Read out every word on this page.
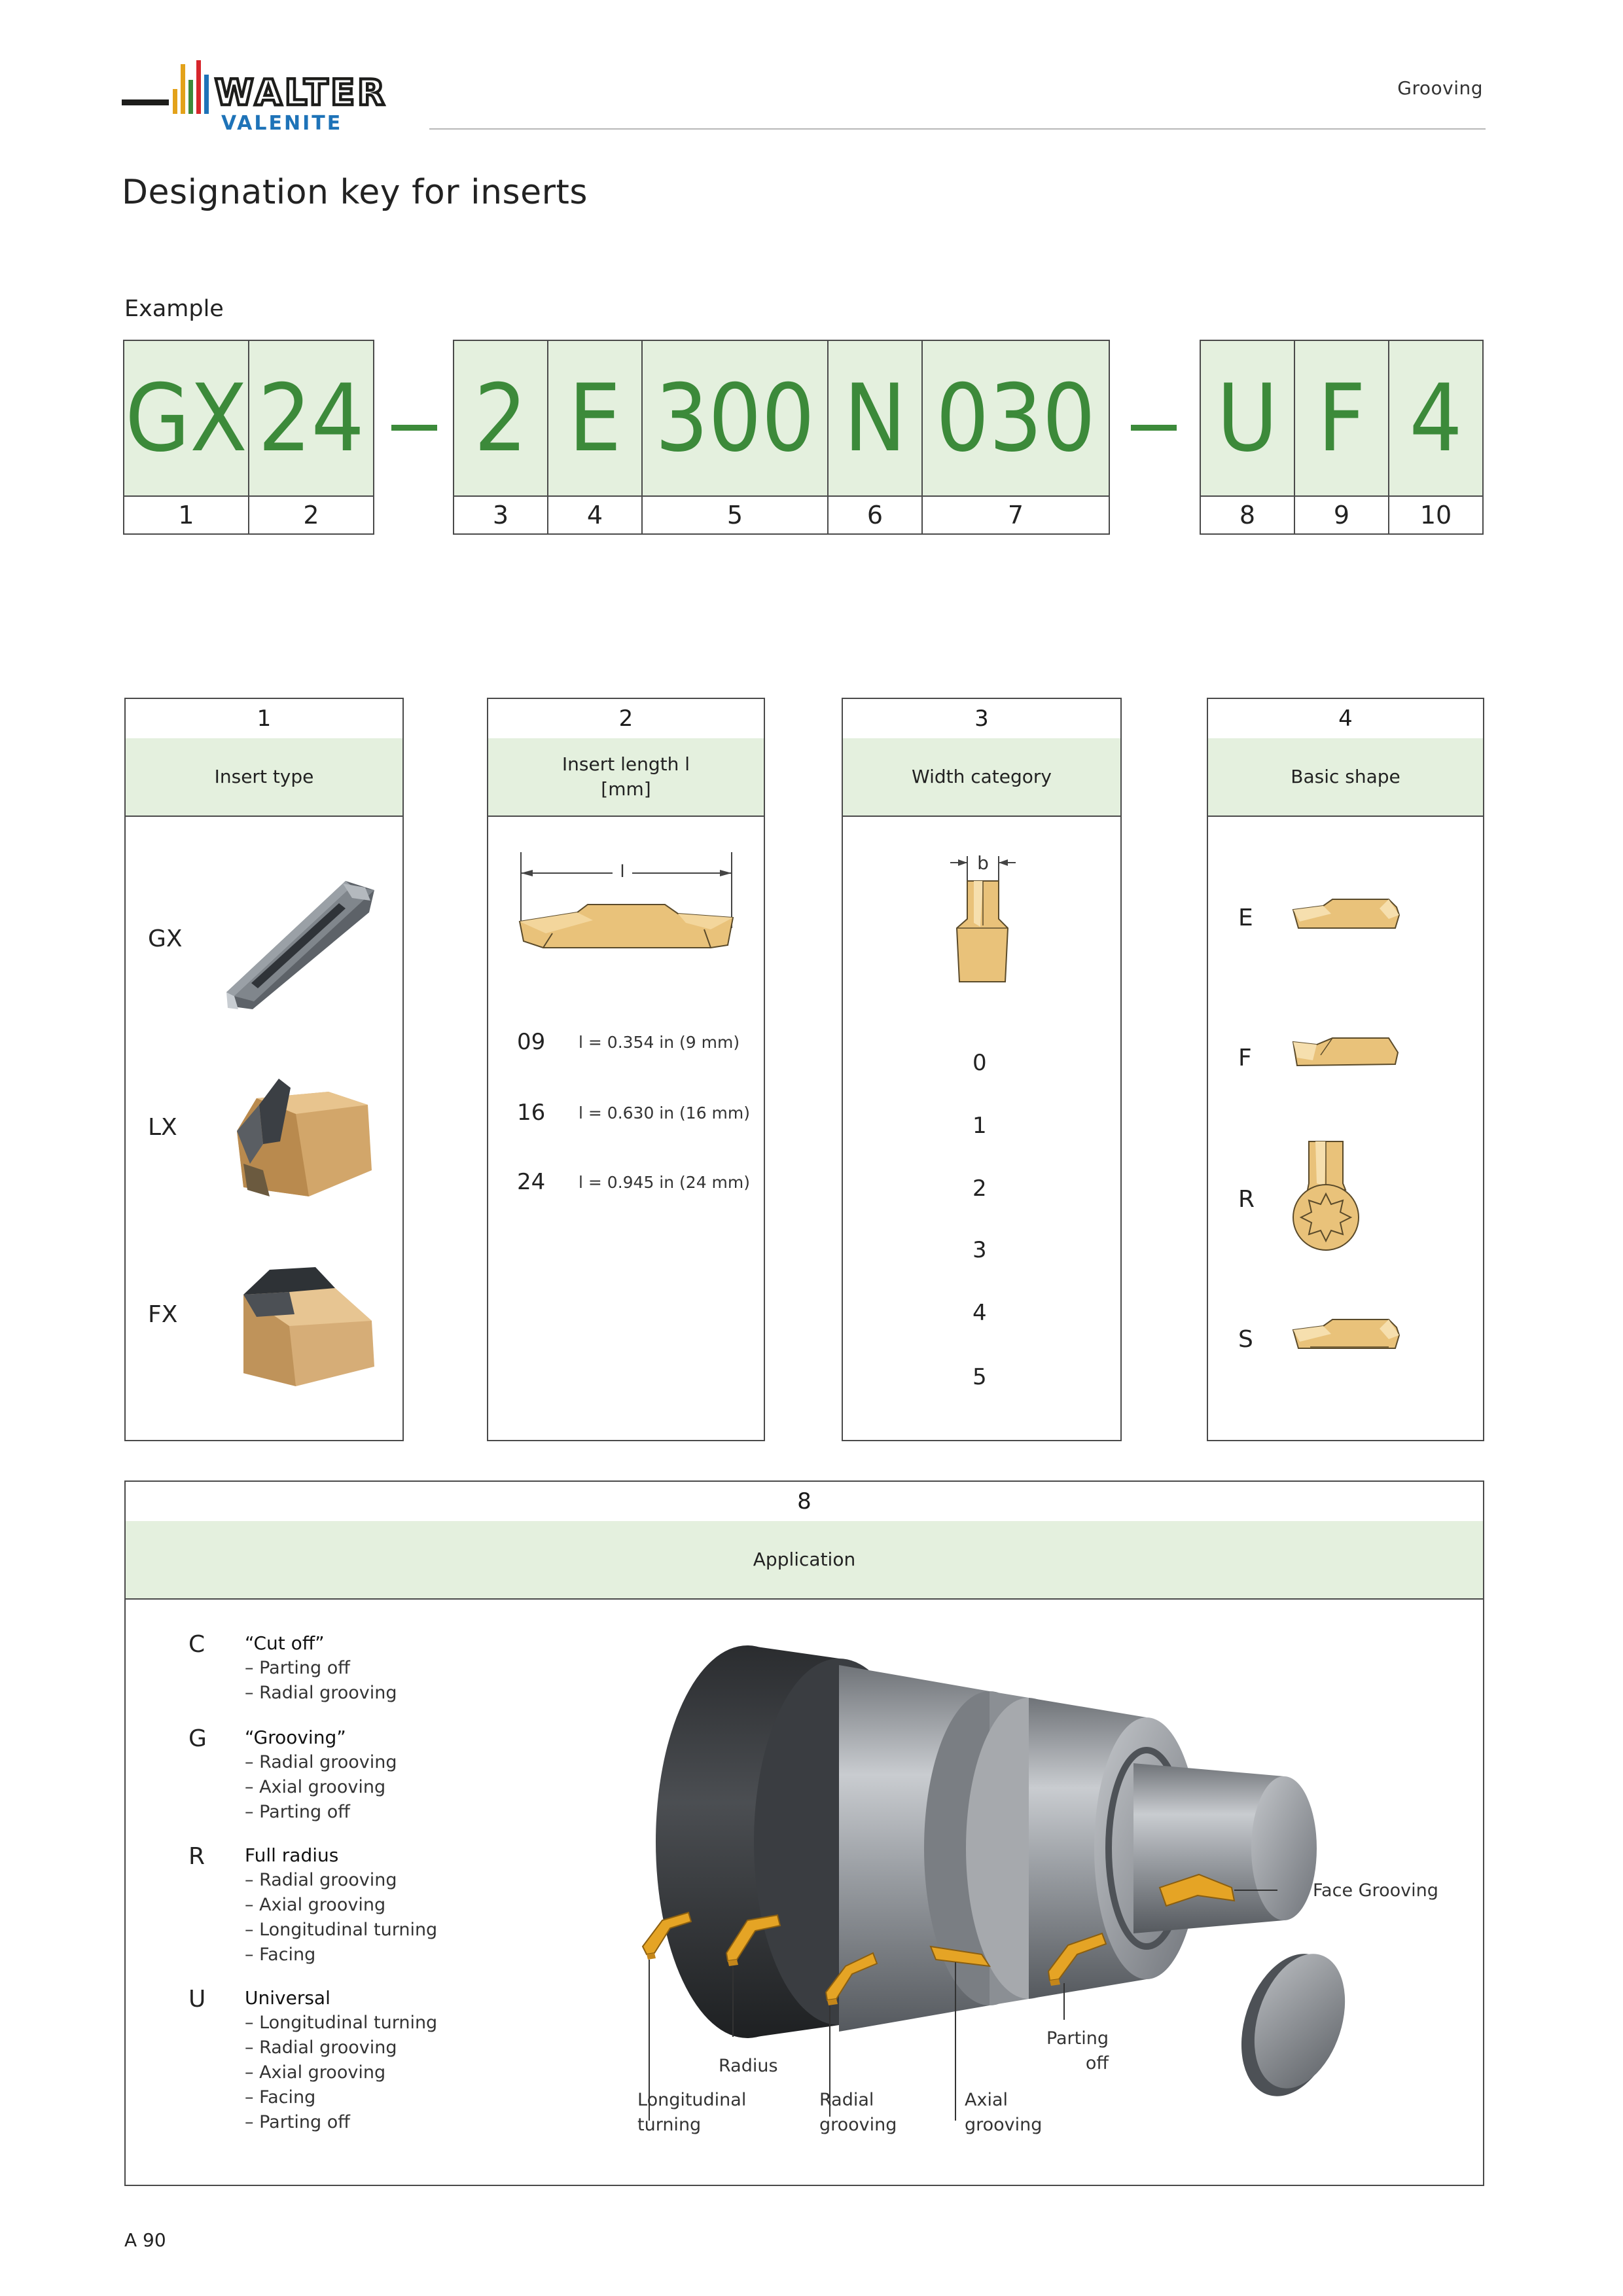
WALTER
VALENITE
Grooving
Designation key for inserts
Example
GX 24
1	2
2 E 300 N 030
3	4	5	6	7
U F 4
8	9	10
1
Insert type
GX
LX
FX
2
Insert length l
[mm]
l
09 l = 0.354 in (9 mm)
16 l = 0.630 in (16 mm)
24 l = 0.945 in (24 mm)
3
Width category
b
0
1
2
3
4
5
4
Basic shape
E
F
R
S
8
Application
C “Cut off”
– Parting off
– Radial grooving
G “Grooving”
– Radial grooving
– Axial grooving
– Parting off
R Full radius
– Radial grooving
– Axial grooving
– Longitudinal turning
– Facing
U Universal
– Longitudinal turning
– Radial grooving
– Axial grooving
– Facing
– Parting off
Face Grooving
Radius
Parting
off
Longitudinal
turning
Radial
grooving
Axial
grooving
A 90
